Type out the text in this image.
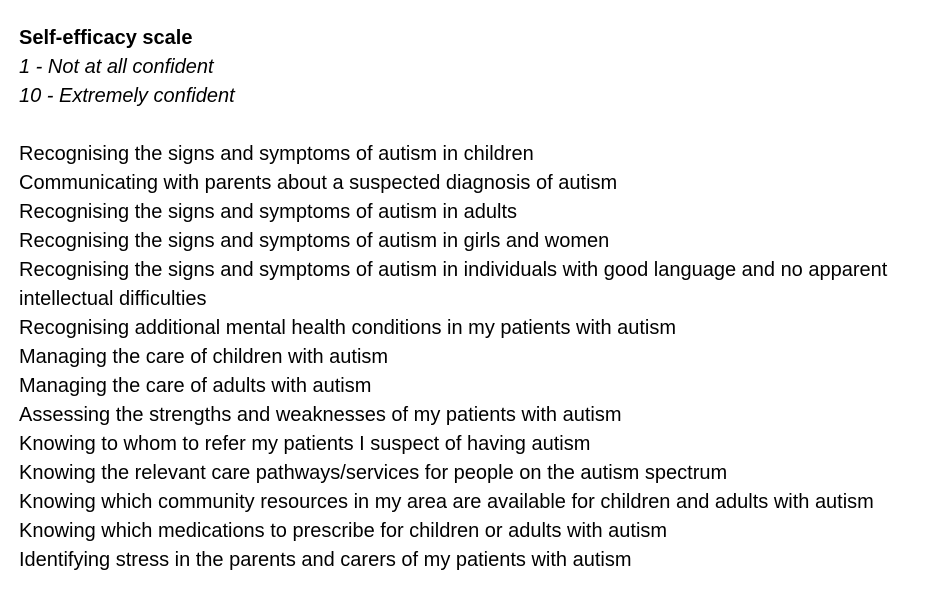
Self-efficacy scale

1 - Not at all confident

10 - Extremely confident

Recognising the signs and symptoms of autism in children
Communicating with parents about a suspected diagnosis of autism
Recognising the signs and symptoms of autism in adults
Recognising the signs and symptoms of autism in girls and women
Recognising the signs and symptoms of autism in individuals with good language and no apparent intellectual difficulties
Recognising additional mental health conditions in my patients with autism
Managing the care of children with autism
Managing the care of adults with autism
Assessing the strengths and weaknesses of my patients with autism
Knowing to whom to refer my patients I suspect of having autism
Knowing the relevant care pathways/services for people on the autism spectrum
Knowing which community resources in my area are available for children and adults with autism
Knowing which medications to prescribe for children or adults with autism
Identifying stress in the parents and carers of my patients with autism
